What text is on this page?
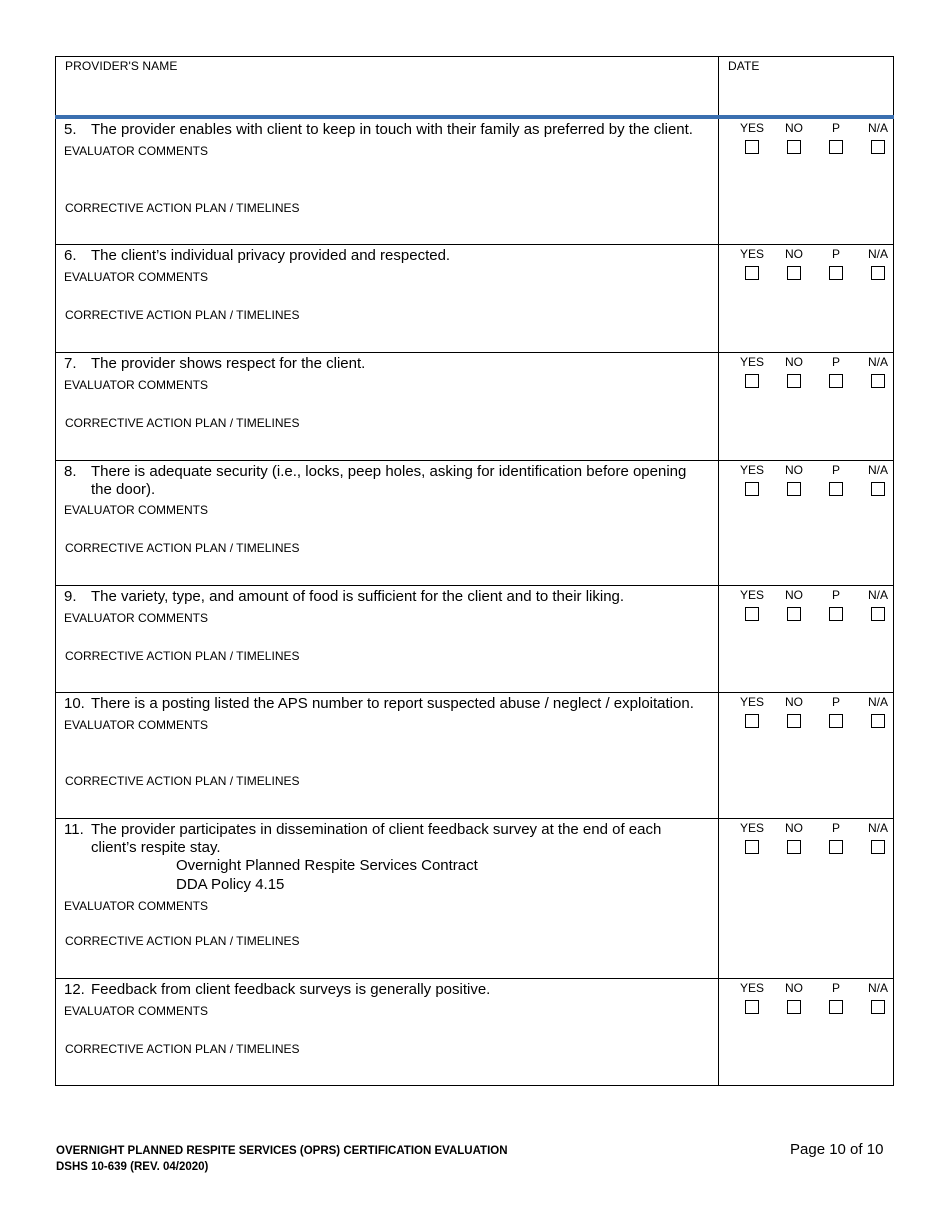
PROVIDER'S NAME	DATE
5. The provider enables with client to keep in touch with their family as preferred by the client.
EVALUATOR COMMENTS
CORRECTIVE ACTION PLAN / TIMELINES
YES	NO	P	N/A
6. The client’s individual privacy provided and respected.
EVALUATOR COMMENTS
CORRECTIVE ACTION PLAN / TIMELINES
YES	NO	P	N/A
7. The provider shows respect for the client.
EVALUATOR COMMENTS
CORRECTIVE ACTION PLAN / TIMELINES
YES	NO	P	N/A
8. There is adequate security (i.e., locks, peep holes, asking for identification before opening the door).
EVALUATOR COMMENTS
CORRECTIVE ACTION PLAN / TIMELINES
YES	NO	P	N/A
9. The variety, type, and amount of food is sufficient for the client and to their liking.
EVALUATOR COMMENTS
CORRECTIVE ACTION PLAN / TIMELINES
YES	NO	P	N/A
10. There is a posting listed the APS number to report suspected abuse / neglect / exploitation.
EVALUATOR COMMENTS
CORRECTIVE ACTION PLAN / TIMELINES
YES	NO	P	N/A
11. The provider participates in dissemination of client feedback survey at the end of each client’s respite stay.
Overnight Planned Respite Services Contract
DDA Policy 4.15
EVALUATOR COMMENTS
CORRECTIVE ACTION PLAN / TIMELINES
YES	NO	P	N/A
12. Feedback from client feedback surveys is generally positive.
EVALUATOR COMMENTS
CORRECTIVE ACTION PLAN / TIMELINES
YES	NO	P	N/A
OVERNIGHT PLANNED RESPITE SERVICES (OPRS) CERTIFICATION EVALUATION
DSHS 10-639 (REV. 04/2020)
Page 10 of 10
